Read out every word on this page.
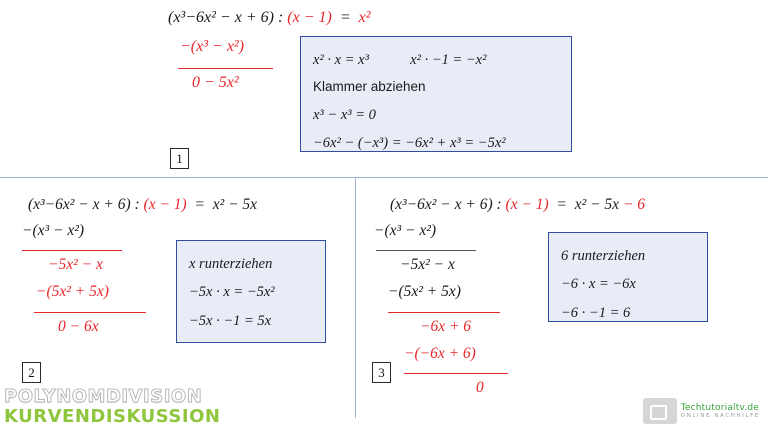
(x³−6x² − x + 6) : (x − 1)  =  x²
−(x³ − x²)
0 − 5x²
x² · x = x³	x² · −1 = −x²
Klammer abziehen
x³ − x³ = 0
−6x² − (−x³) = −6x² + x³ = −5x²
1
(x³−6x² − x + 6) : (x − 1)  =  x² − 5x
−(x³ − x²)
−5x² − x
−(5x² + 5x)
0 − 6x
x runterziehen
−5x · x = −5x²
−5x · −1 = 5x
2
(x³−6x² − x + 6) : (x − 1)  =  x² − 5x − 6
−(x³ − x²)
−5x² − x
−(5x² + 5x)
−6x + 6
−(−6x + 6)
0
6 runterziehen
−6 · x = −6x
−6 · −1 = 6
3
POLYNOMDIVISION
KURVENDISKUSSION	Techtutorialtv.de
ONLINE NACHHILFE
